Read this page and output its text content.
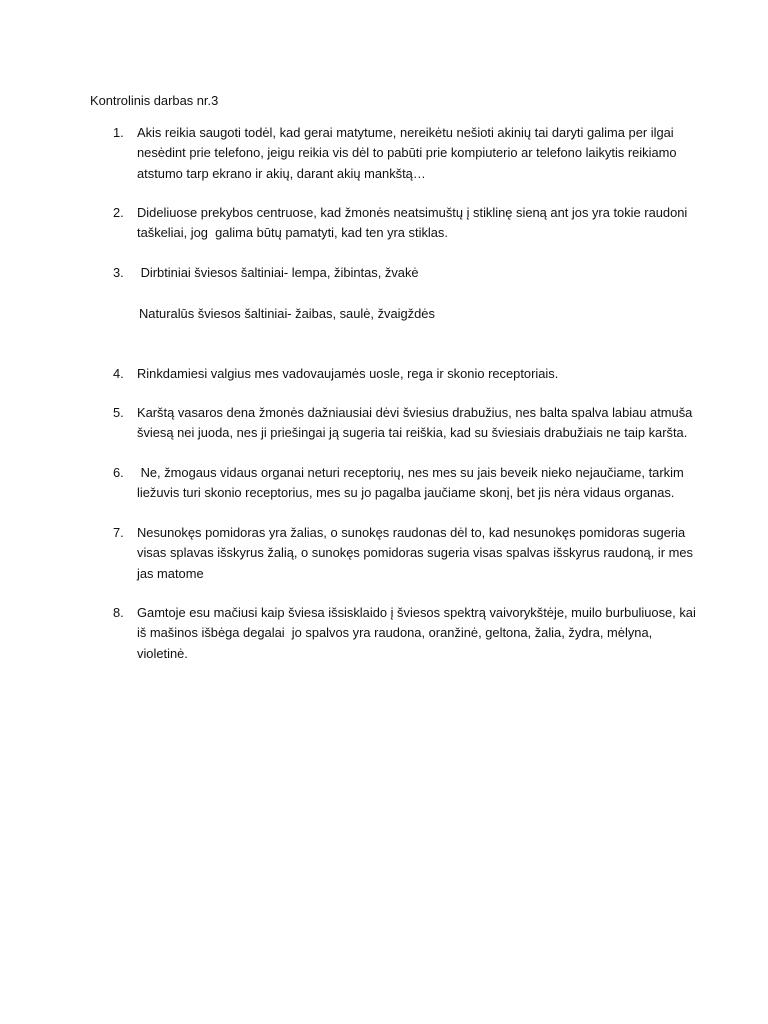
Kontrolinis darbas nr.3
1. Akis reikia saugoti todėl, kad gerai matytume, nereikėtu nešioti akinių tai daryti galima per ilgai
nesėdint prie telefono, jeigu reikia vis dėl to pabūti prie kompiuterio ar telefono laikytis reikiamo
atstumo tarp ekrano ir akių, darant akių mankštą…
2. Dideliuose prekybos centruose, kad žmonės neatsimuštų į stiklinę sieną ant jos yra tokie raudoni
taškeliai, jog  galima būtų pamatyti, kad ten yra stiklas.
3. Dirbtiniai šviesos šaltiniai- lempa, žibintas, žvakė
Naturalūs šviesos šaltiniai- žaibas, saulė, žvaigždės
4. Rinkdamiesi valgius mes vadovaujamės uosle, rega ir skonio receptoriais.
5. Karštą vasaros dena žmonės dažniausiai dėvi šviesius drabužius, nes balta spalva labiau atmuša
šviesą nei juoda, nes ji priešingai ją sugeria tai reiškia, kad su šviesiais drabužiais ne taip karšta.
6. Ne, žmogaus vidaus organai neturi receptorių, nes mes su jais beveik nieko nejaučiame, tarkim
liežuvis turi skonio receptorius, mes su jo pagalba jaučiame skonį, bet jis nėra vidaus organas.
7. Nesunokęs pomidoras yra žalias, o sunokęs raudonas dėl to, kad nesunokęs pomidoras sugeria
visas splavas išskyrus žalią, o sunokęs pomidoras sugeria visas spalvas išskyrus raudoną, ir mes
jas matome
8. Gamtoje esu mačiusi kaip šviesa išsisklaido į šviesos spektrą vaivorykštėje, muilo burbuliuose, kai
iš mašinos išbėga degalai  jo spalvos yra raudona, oranžinė, geltona, žalia, žydra, mėlyna,
violetinė.
